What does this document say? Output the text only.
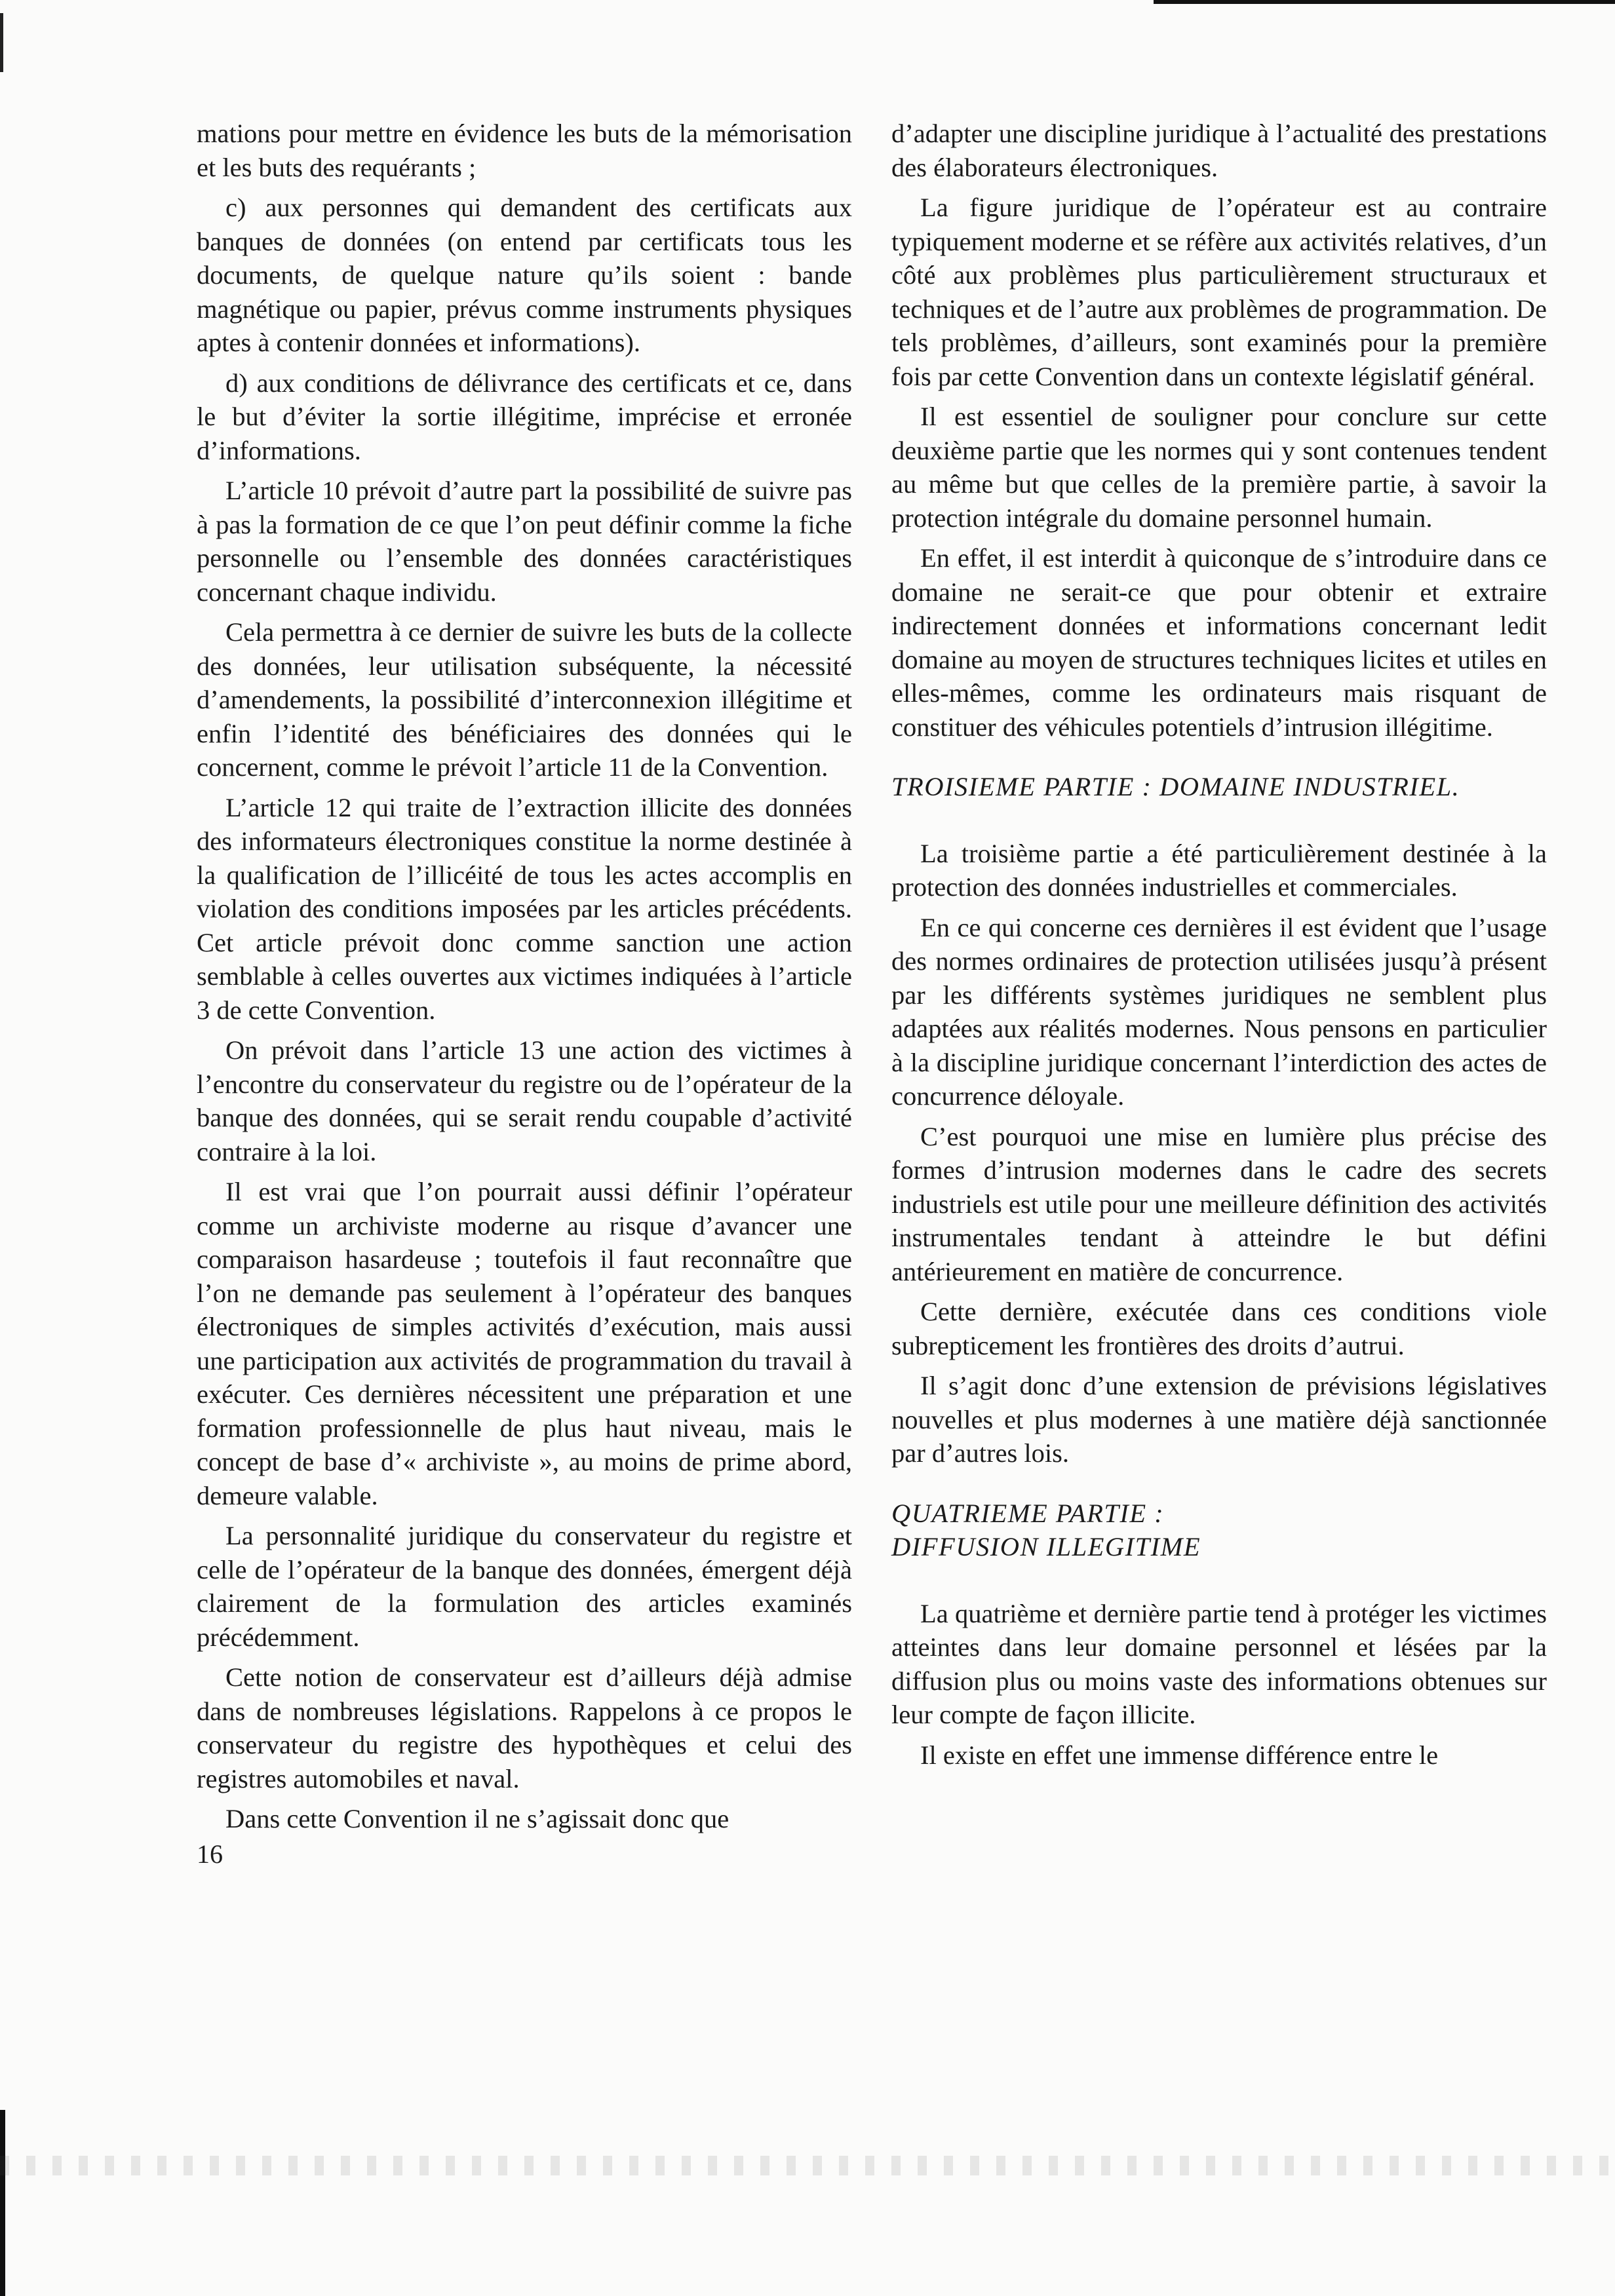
mations pour mettre en évidence les buts de la mémorisation et les buts des requérants ;

c) aux personnes qui demandent des certificats aux banques de données (on entend par certificats tous les documents, de quelque nature qu’ils soient : bande magnétique ou papier, prévus comme instruments physiques aptes à contenir données et informations).

d) aux conditions de délivrance des certificats et ce, dans le but d’éviter la sortie illégitime, imprécise et erronée d’informations.

L’article 10 prévoit d’autre part la possibilité de suivre pas à pas la formation de ce que l’on peut définir comme la fiche personnelle ou l’ensemble des données caractéristiques concernant chaque individu.

Cela permettra à ce dernier de suivre les buts de la collecte des données, leur utilisation subséquente, la nécessité d’amendements, la possibilité d’interconnexion illégitime et enfin l’identité des bénéficiaires des données qui le concernent, comme le prévoit l’article 11 de la Convention.

L’article 12 qui traite de l’extraction illicite des données des informateurs électroniques constitue la norme destinée à la qualification de l’illicéité de tous les actes accomplis en violation des conditions imposées par les articles précédents. Cet article prévoit donc comme sanction une action semblable à celles ouvertes aux victimes indiquées à l’article 3 de cette Convention.

On prévoit dans l’article 13 une action des victimes à l’encontre du conservateur du registre ou de l’opérateur de la banque des données, qui se serait rendu coupable d’activité contraire à la loi.

Il est vrai que l’on pourrait aussi définir l’opérateur comme un archiviste moderne au risque d’avancer une comparaison hasardeuse ; toutefois il faut reconnaître que l’on ne demande pas seulement à l’opérateur des banques électroniques de simples activités d’exécution, mais aussi une participation aux activités de programmation du travail à exécuter. Ces dernières nécessitent une préparation et une formation professionnelle de plus haut niveau, mais le concept de base d’« archiviste », au moins de prime abord, demeure valable.

La personnalité juridique du conservateur du registre et celle de l’opérateur de la banque des données, émergent déjà clairement de la formulation des articles examinés précédemment.

Cette notion de conservateur est d’ailleurs déjà admise dans de nombreuses législations. Rappelons à ce propos le conservateur du registre des hypothèques et celui des registres automobiles et naval.

Dans cette Convention il ne s’agissait donc que

d’adapter une discipline juridique à l’actualité des prestations des élaborateurs électroniques.

La figure juridique de l’opérateur est au contraire typiquement moderne et se réfère aux activités relatives, d’un côté aux problèmes plus particulièrement structuraux et techniques et de l’autre aux problèmes de programmation. De tels problèmes, d’ailleurs, sont examinés pour la première fois par cette Convention dans un contexte législatif général.

Il est essentiel de souligner pour conclure sur cette deuxième partie que les normes qui y sont contenues tendent au même but que celles de la première partie, à savoir la protection intégrale du domaine personnel humain.

En effet, il est interdit à quiconque de s’introduire dans ce domaine ne serait-ce que pour obtenir et extraire indirectement données et informations concernant ledit domaine au moyen de structures techniques licites et utiles en elles-mêmes, comme les ordinateurs mais risquant de constituer des véhicules potentiels d’intrusion illégitime.

TROISIEME PARTIE : DOMAINE INDUSTRIEL.

La troisième partie a été particulièrement destinée à la protection des données industrielles et commerciales.

En ce qui concerne ces dernières il est évident que l’usage des normes ordinaires de protection utilisées jusqu’à présent par les différents systèmes juridiques ne semblent plus adaptées aux réalités modernes. Nous pensons en particulier à la discipline juridique concernant l’interdiction des actes de concurrence déloyale.

C’est pourquoi une mise en lumière plus précise des formes d’intrusion modernes dans le cadre des secrets industriels est utile pour une meilleure définition des activités instrumentales tendant à atteindre le but défini antérieurement en matière de concurrence.

Cette dernière, exécutée dans ces conditions viole subrepticement les frontières des droits d’autrui.

Il s’agit donc d’une extension de prévisions législatives nouvelles et plus modernes à une matière déjà sanctionnée par d’autres lois.

QUATRIEME PARTIE :
DIFFUSION ILLEGITIME

La quatrième et dernière partie tend à protéger les victimes atteintes dans leur domaine personnel et lésées par la diffusion plus ou moins vaste des informations obtenues sur leur compte de façon illicite.

Il existe en effet une immense différence entre le

16
